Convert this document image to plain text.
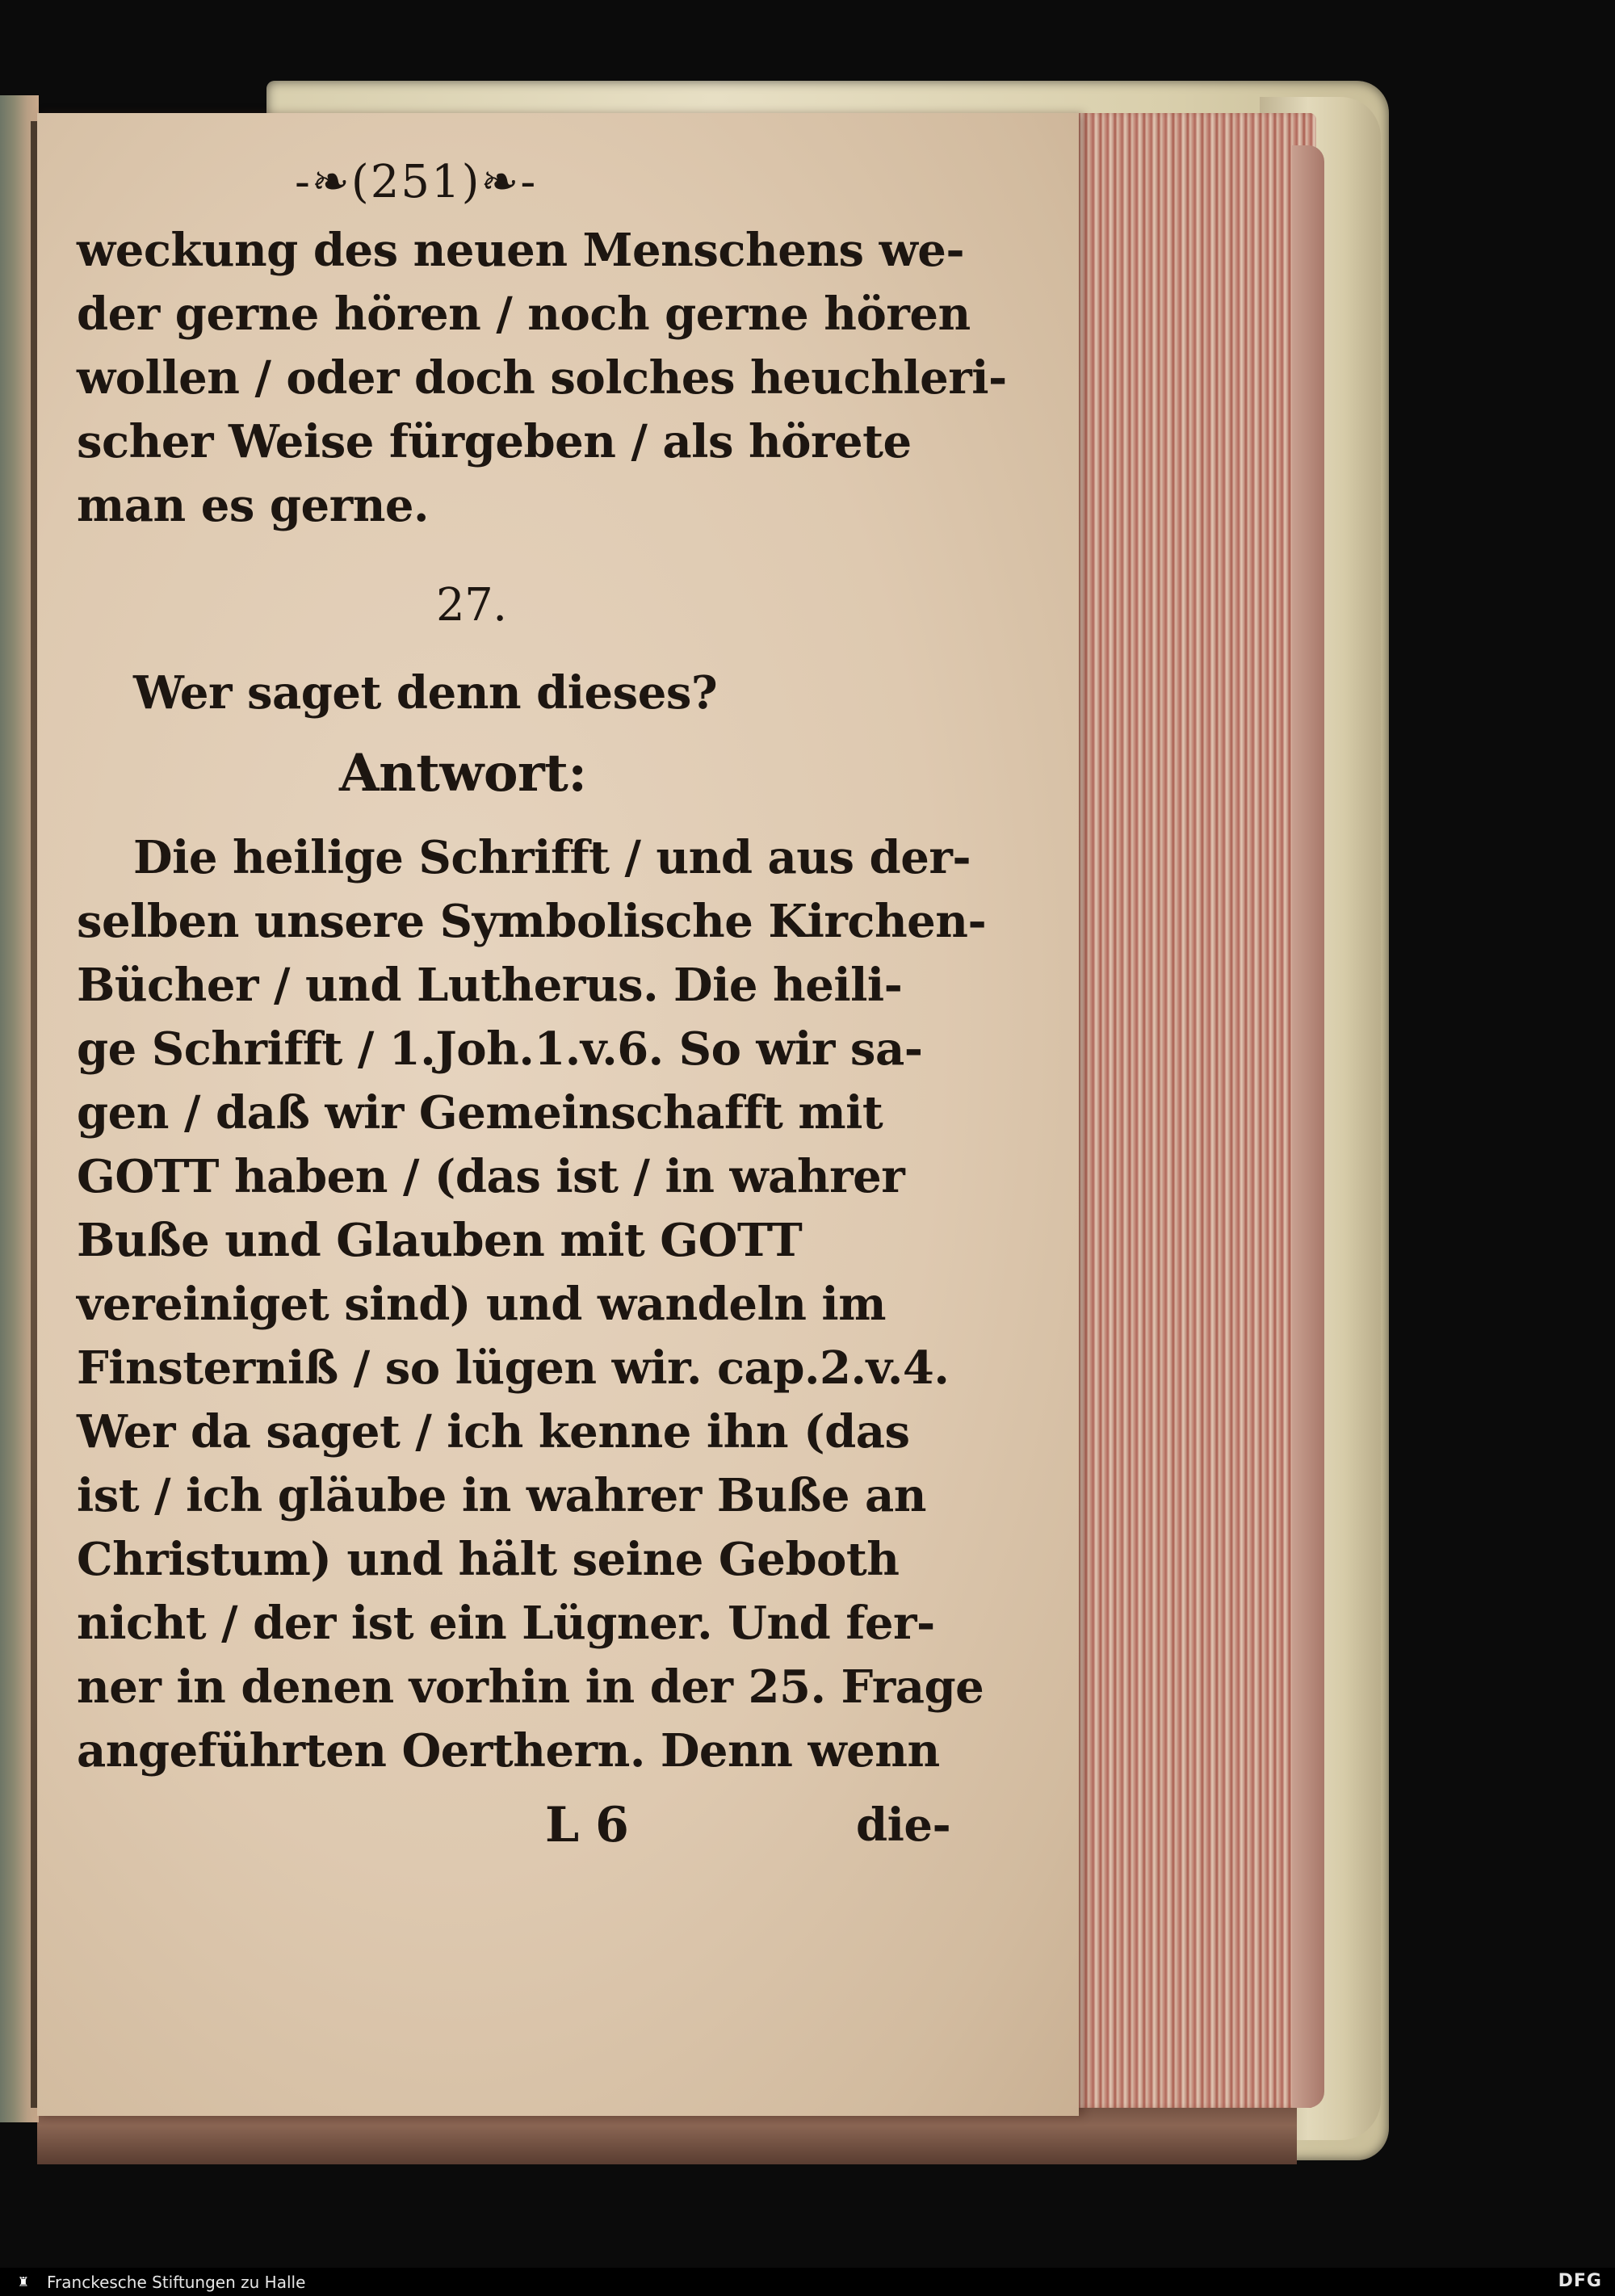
-❧(251)❧-
weckung des neuen Menschens we-
der gerne hören / noch gerne hören
wollen / oder doch solches heuchleri-
scher Weise fürgeben / als hörete
man es gerne.
27.
Wer saget denn dieses?
Antwort:
Die heilige Schrifft / und aus der-
selben unsere Symbolische Kirchen-
Bücher / und Lutherus. Die heili-
ge Schrifft / 1.Joh.1.v.6. So wir sa-
gen / daß wir Gemeinschafft mit
GOTT haben / (das ist / in wahrer
Buße und Glauben mit GOTT
vereiniget sind) und wandeln im
Finsterniß / so lügen wir. cap.2.v.4.
Wer da saget / ich kenne ihn (das
ist / ich gläube in wahrer Buße an
Christum) und hält seine Geboth
nicht / der ist ein Lügner. Und fer-
ner in denen vorhin in der 25. Frage
angeführten Oerthern. Denn wenn
L 6	die-
♜ Franckesche Stiftungen zu Halle	DFG
